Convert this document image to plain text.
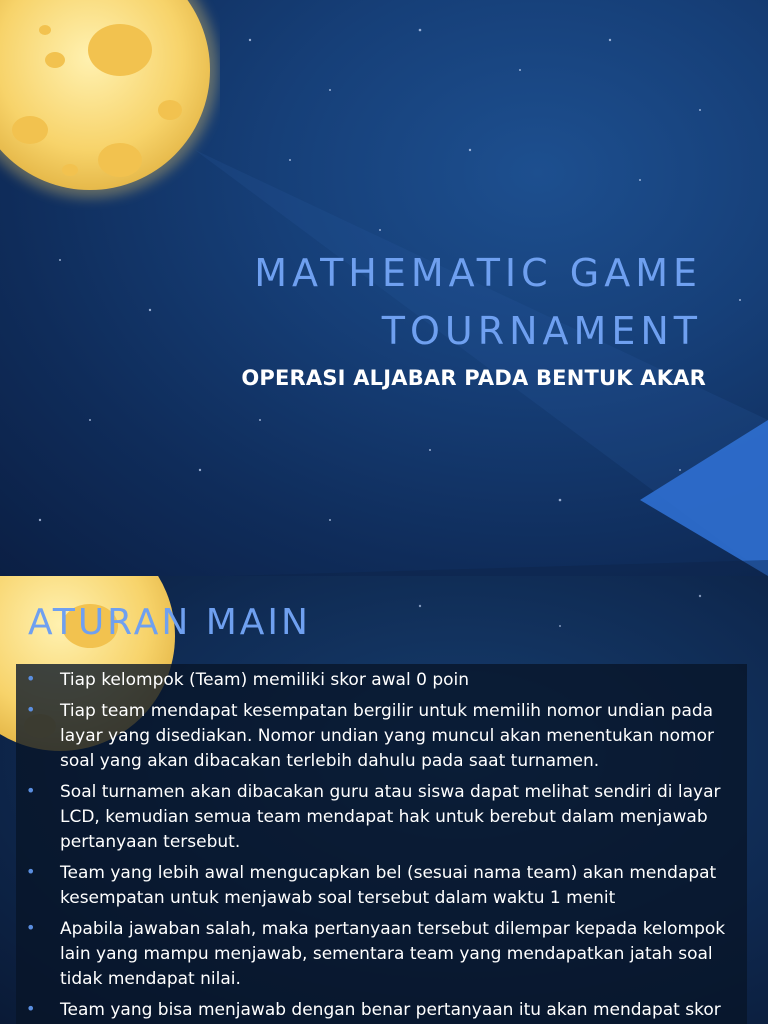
MATHEMATIC GAME
TOURNAMENT
OPERASI ALJABAR PADA BENTUK AKAR
ATURAN MAIN
• Tiap kelompok (Team) memiliki skor awal 0 poin
• Tiap team mendapat kesempatan bergilir untuk memilih nomor undian pada layar yang disediakan. Nomor undian yang muncul akan menentukan nomor soal yang akan dibacakan terlebih dahulu pada saat turnamen.
• Soal turnamen akan dibacakan guru atau siswa dapat melihat sendiri di layar LCD, kemudian semua team mendapat hak untuk berebut dalam menjawab pertanyaan tersebut.
• Team yang lebih awal mengucapkan bel (sesuai nama team) akan mendapat kesempatan untuk menjawab soal tersebut dalam waktu 1 menit
• Apabila jawaban salah, maka pertanyaan tersebut dilempar kepada kelompok lain yang mampu menjawab, sementara team yang mendapatkan jatah soal tidak mendapat nilai.
• Team yang bisa menjawab dengan benar pertanyaan itu akan mendapat skor
